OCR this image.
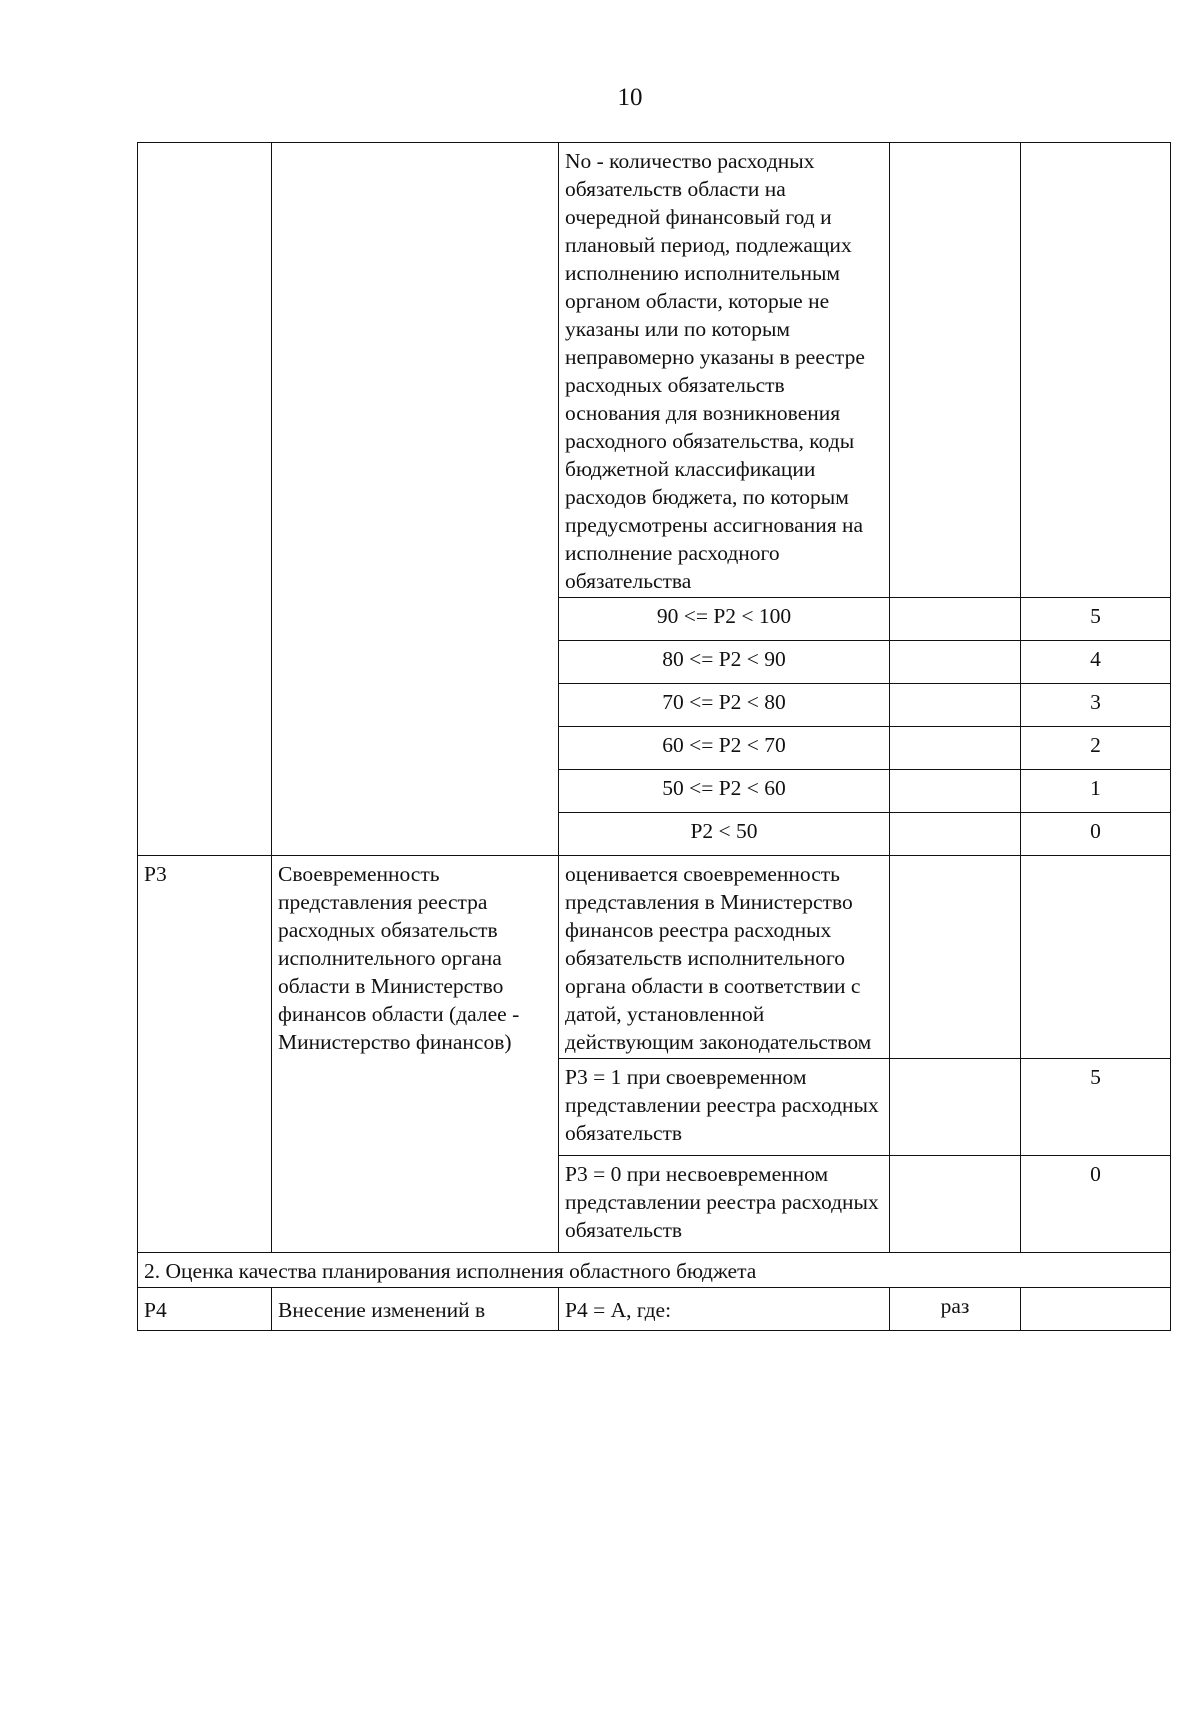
10
		No - количество расходных обязательств области на очередной финансовый год и плановый период, подлежащих исполнению исполнительным органом области, которые не указаны или по которым неправомерно указаны в реестре расходных обязательств основания для возникновения расходного обязательства, коды бюджетной классификации расходов бюджета, по которым предусмотрены ассигнования на исполнение расходного обязательства		
		90 <= P2 < 100		5
		80 <= P2 < 90		4
		70 <= P2 < 80		3
		60 <= P2 < 70		2
		50 <= P2 < 60		1
		P2 < 50		0
Р3	Своевременность представления реестра расходных обязательств исполнительного органа области в Министерство финансов области (далее - Министерство финансов)	оценивается своевременность представления в Министерство финансов реестра расходных обязательств исполнительного органа области в соответствии с датой, установленной действующим законодательством		
		Р3 = 1 при своевременном представлении реестра расходных обязательств		5
		Р3 = 0 при несвоевременном представлении реестра расходных обязательств		0
2. Оценка качества планирования исполнения областного бюджета				
Р4	Внесение изменений в	Р4 = А, где:	раз	
